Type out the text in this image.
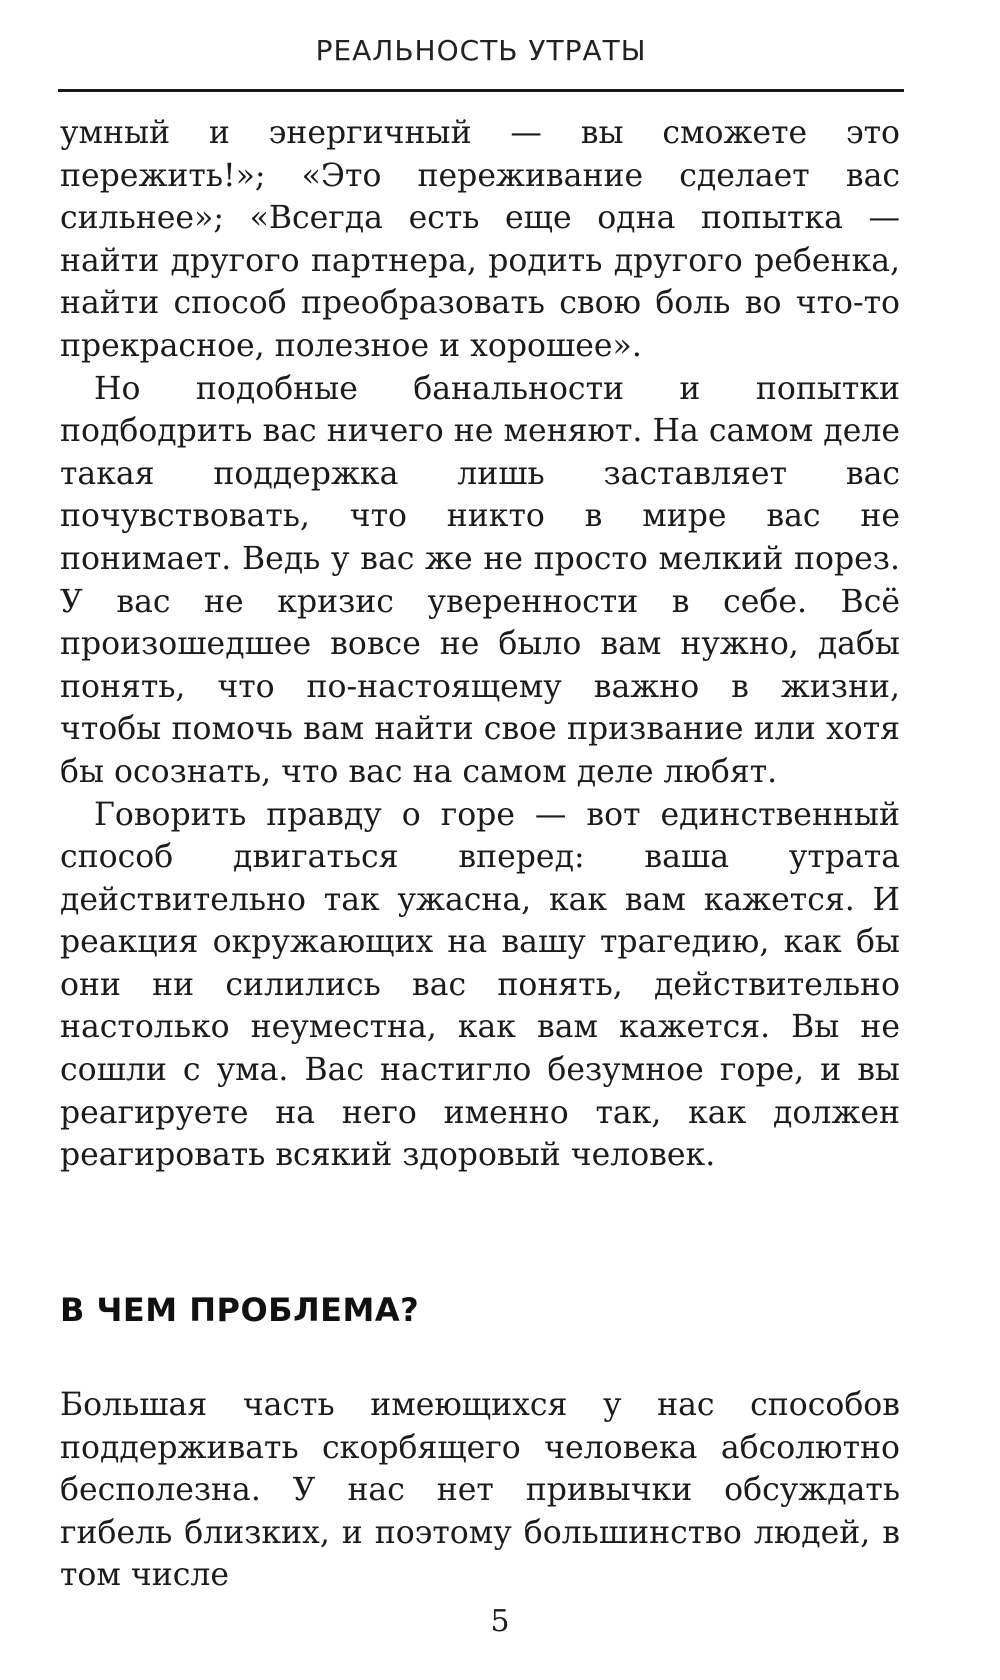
РЕАЛЬНОСТЬ УТРАТЫ

умный и энергичный — вы сможете это пережить!»; «Это переживание сделает вас сильнее»; «Всегда есть еще одна попытка — найти другого партнера, родить другого ребенка, найти способ преобразовать свою боль во что-то прекрасное, полезное и хорошее».

Но подобные банальности и попытки подбодрить вас ничего не меняют. На самом деле такая поддержка лишь заставляет вас почувствовать, что никто в мире вас не понимает. Ведь у вас же не просто мелкий порез. У вас не кризис уверенности в себе. Всё произошедшее вовсе не было вам нужно, дабы понять, что по-настоящему важно в жизни, чтобы помочь вам найти свое призвание или хотя бы осознать, что вас на самом деле любят.

Говорить правду о горе — вот единственный способ двигаться вперед: ваша утрата действительно так ужасна, как вам кажется. И реакция окружающих на вашу трагедию, как бы они ни силились вас понять, действительно настолько неуместна, как вам кажется. Вы не сошли с ума. Вас настигло безумное горе, и вы реагируете на него именно так, как должен реагировать всякий здоровый человек.

В ЧЕМ ПРОБЛЕМА?

Большая часть имеющихся у нас способов поддерживать скорбящего человека абсолютно бесполезна. У нас нет привычки обсуждать гибель близких, и поэтому большинство людей, в том числе

5
